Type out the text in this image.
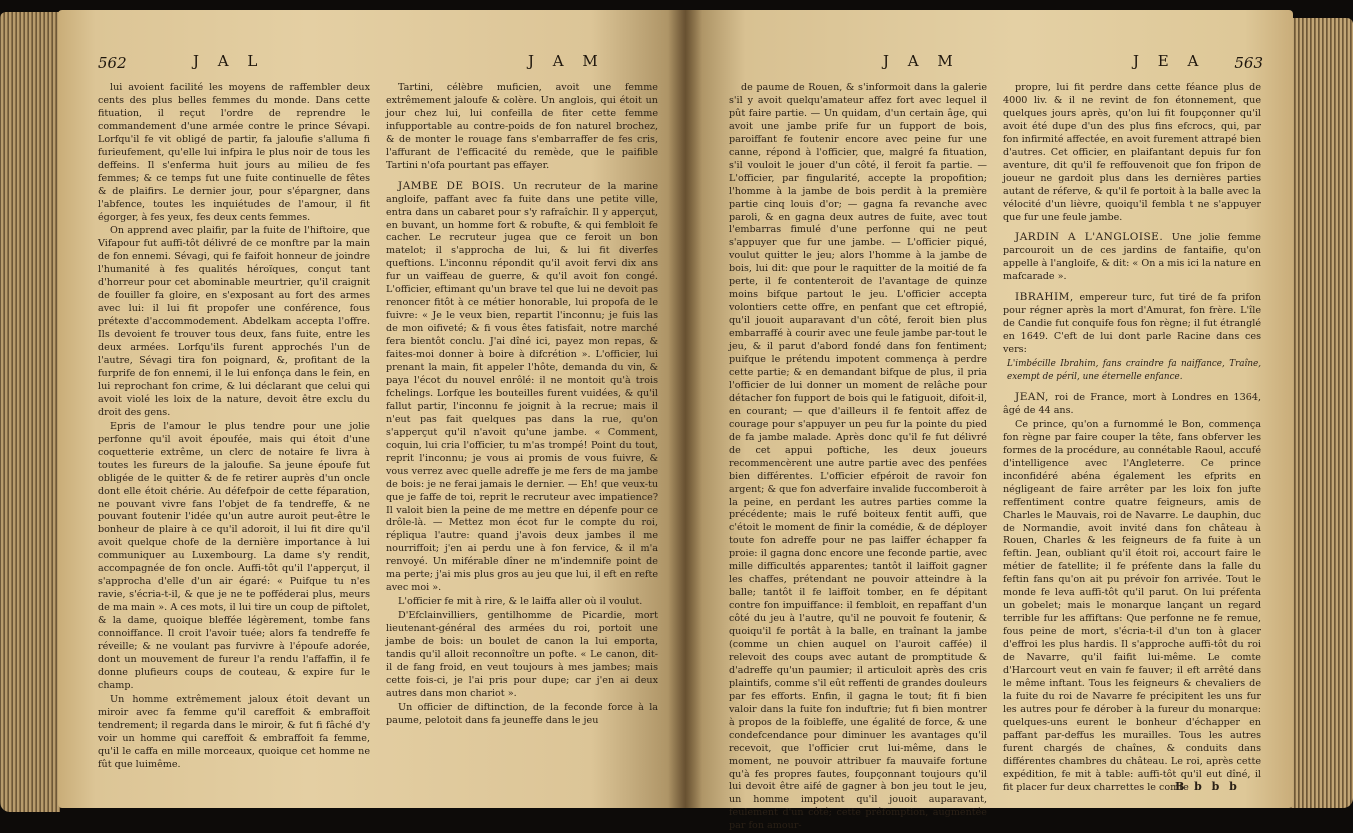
562	J A L	J A M

lui avoient facilité les moyens de raffembler deux cents des plus belles femmes du monde. Dans cette fituation, il reçut l'ordre de reprendre le commandement d'une armée contre le prince Sévapi. Lorfqu'il fe vit obligé de partir, fa jaloufie s'alluma fi furieufement, qu'elle lui infpira le plus noir de tous les deffeins. Il s'enferma huit jours au milieu de fes femmes; & ce temps fut une fuite continuelle de fêtes & de plaifirs. Le dernier jour, pour s'épargner, dans l'abfence, toutes les inquiétudes de l'amour, il fit égorger, à fes yeux, fes deux cents femmes.

On apprend avec plaifir, par la fuite de l'hiftoire, que Vifapour fut auffi-tôt délivré de ce monftre par la main de fon ennemi. Sévagi, qui fe faifoit honneur de joindre l'humanité à fes qualités héroïques, conçut tant d'horreur pour cet abominable meurtrier, qu'il craignit de fouiller fa gloire, en s'exposant au fort des armes avec lui: il lui fit propofer une conférence, fous prétexte d'accommodement. Abdelkam accepta l'offre. Ils devoient fe trouver tous deux, fans fuite, entre les deux armées. Lorfqu'ils furent approchés l'un de l'autre, Sévagi tira fon poignard, &, profitant de la furprife de fon ennemi, il le lui enfonça dans le fein, en lui reprochant fon crime, & lui déclarant que celui qui avoit violé les loix de la nature, devoit être exclu du droit des gens.

Epris de l'amour le plus tendre pour une jolie perfonne qu'il avoit époufée, mais qui étoit d'une coquetterie extrême, un clerc de notaire fe livra à toutes les fureurs de la jaloufie. Sa jeune époufe fut obligée de le quitter & de fe retirer auprès d'un oncle dont elle étoit chérie. Au défefpoir de cette féparation, ne pouvant vivre fans l'objet de fa tendreffe, & ne pouvant foutenir l'idée qu'un autre auroit peut-être le bonheur de plaire à ce qu'il adoroit, il lui fit dire qu'il avoit quelque chofe de la dernière importance à lui communiquer au Luxembourg. La dame s'y rendit, accompagnée de fon oncle. Auffi-tôt qu'il l'apperçut, il s'approcha d'elle d'un air égaré: « Puifque tu n'es ravie, s'écria-t-il, & que je ne te pofféderai plus, meurs de ma main ». A ces mots, il lui tire un coup de piftolet, & la dame, quoique bleffée légèrement, tombe fans connoiffance. Il croit l'avoir tuée; alors fa tendreffe fe réveille; & ne voulant pas furvivre à l'époufe adorée, dont un mouvement de fureur l'a rendu l'affaffin, il fe donne plufieurs coups de couteau, & expire fur le champ.

Un homme extrêmement jaloux étoit devant un miroir avec fa femme qu'il careffoit & embraffoit tendrement; il regarda dans le miroir, & fut fi fâché d'y voir un homme qui careffoit & embraffoit fa femme, qu'il le caffa en mille morceaux, quoique cet homme ne fût que luimême.

Tartini, célèbre muficien, avoit une femme extrêmement jaloufe & colère. Un anglois, qui étoit un jour chez lui, lui confeilla de fiter cette femme infupportable au contre-poids de fon naturel brochez, & de monter le rouage fans s'embarraffer de fes cris, l'affurant de l'efficacité du remède, que le paifible Tartini n'ofa pourtant pas effayer.

JAMBE DE BOIS. Un recruteur de la marine angloife, paffant avec fa fuite dans une petite ville, entra dans un cabaret pour s'y rafraîchir. Il y apperçut, en buvant, un homme fort & robufte, & qui fembloit fe cacher. Le recruteur jugea que ce feroit un bon matelot; il s'approcha de lui, & lui fit diverfes queftions. L'inconnu répondit qu'il avoit fervi dix ans fur un vaiffeau de guerre, & qu'il avoit fon congé. L'officier, eftimant qu'un brave tel que lui ne devoit pas renoncer fitôt à ce métier honorable, lui propofa de le fuivre: « Je le veux bien, repartit l'inconnu; je fuis las de mon oifiveté; & fi vous êtes fatisfait, notre marché fera bientôt conclu. J'ai dîné ici, payez mon repas, & faites-moi donner à boire à difcrétion ». L'officier, lui prenant la main, fit appeler l'hôte, demanda du vin, & paya l'écot du nouvel enrôlé: il ne montoit qu'à trois fchelings. Lorfque les bouteilles furent vuidées, & qu'il fallut partir, l'inconnu fe joignit à la recrue; mais il n'eut pas fait quelques pas dans la rue, qu'on s'apperçut qu'il n'avoit qu'une jambe. « Comment, coquin, lui cria l'officier, tu m'as trompé! Point du tout, reprit l'inconnu; je vous ai promis de vous fuivre, & vous verrez avec quelle adreffe je me fers de ma jambe de bois: je ne ferai jamais le dernier. — Eh! que veux-tu que je faffe de toi, reprit le recruteur avec impatience? Il valoit bien la peine de me mettre en dépenfe pour ce drôle-là. — Mettez mon écot fur le compte du roi, répliqua l'autre: quand j'avois deux jambes il me nourriffoit; j'en ai perdu une à fon fervice, & il m'a renvoyé. Un miférable dîner ne m'indemnife point de ma perte; j'ai mis plus gros au jeu que lui, il eft en refte avec moi ».

L'officier fe mit à rire, & le laiffa aller où il voulut.

D'Efclainvilliers, gentilhomme de Picardie, mort lieutenant-général des armées du roi, portoit une jambe de bois: un boulet de canon la lui emporta, tandis qu'il alloit reconnoître un pofte. « Le canon, dit-il de fang froid, en veut toujours à mes jambes; mais cette fois-ci, je l'ai pris pour dupe; car j'en ai deux autres dans mon chariot ».

Un officier de diftinction, de la feconde force à la paume, pelotoit dans fa jeuneffe dans le jeu

J A M	J E A 563

de paume de Rouen, & s'informoit dans la galerie s'il y avoit quelqu'amateur affez fort avec lequel il pût faire partie. — Un quidam, d'un certain âge, qui avoit une jambe prife fur un fupport de bois, paroiffant fe foutenir encore avec peine fur une canne, répond à l'officier, que, malgré fa fituation, s'il vouloit le jouer d'un côté, il feroit fa partie. — L'officier, par fingularité, accepte la propofition; l'homme à la jambe de bois perdit à la première partie cinq louis d'or; — gagna fa revanche avec paroli, & en gagna deux autres de fuite, avec tout l'embarras fimulé d'une perfonne qui ne peut s'appuyer que fur une jambe. — L'officier piqué, voulut quitter le jeu; alors l'homme à la jambe de bois, lui dit: que pour le raquitter de la moitié de fa perte, il fe contenteroit de l'avantage de quinze moins bifque partout le jeu. L'officier accepta volontiers cette offre, en penfant que cet eftropié, qu'il jouoit auparavant d'un côté, feroit bien plus embarraffé à courir avec une feule jambe par-tout le jeu, & il parut d'abord fondé dans fon fentiment; puifque le prétendu impotent commença à perdre cette partie; & en demandant bifque de plus, il pria l'officier de lui donner un moment de relâche pour détacher fon fupport de bois qui le fatiguoit, difoit-il, en courant; — que d'ailleurs il fe fentoit affez de courage pour s'appuyer un peu fur la pointe du pied de fa jambe malade. Après donc qu'il fe fut délivré de cet appui poftiche, les deux joueurs recommencèrent une autre partie avec des penfées bien différentes. L'officier efpéroit de ravoir fon argent; & que fon adverfaire invalide fuccomberoit à la peine, en perdant les autres parties comme la précédente; mais le rufé boiteux fentit auffi, que c'étoit le moment de finir la comédie, & de déployer toute fon adreffe pour ne pas laiffer échapper fa proie: il gagna donc encore une feconde partie, avec mille difficultés apparentes; tantôt il laiffoit gagner les chaffes, prétendant ne pouvoir atteindre à la balle; tantôt il fe laiffoit tomber, en fe dépitant contre fon impuiffance: il fembloit, en repaffant d'un côté du jeu à l'autre, qu'il ne pouvoit fe foutenir, & quoiqu'il fe portât à la balle, en traînant la jambe (comme un chien auquel on l'auroit caffée) il relevoit des coups avec autant de promptitude & d'adreffe qu'un paumier; il articuloit après des cris plaintifs, comme s'il eût reffenti de grandes douleurs par fes efforts. Enfin, il gagna le tout; fit fi bien valoir dans la fuite fon induftrie; fut fi bien montrer à propos de la foibleffe, une égalité de force, & une condefcendance pour diminuer les avantages qu'il recevoit, que l'officier crut lui-même, dans le moment, ne pouvoir attribuer fa mauvaife fortune qu'à fes propres fautes, foupçonnant toujours qu'il lui devoit être aifé de gagner à bon jeu tout le jeu, un homme impotent qu'il jouoit auparavant, feulement d'un côté; cette préfomption, augmentée par fon amour-

propre, lui fit perdre dans cette féance plus de 4000 liv. & il ne revint de fon étonnement, que quelques jours après, qu'on lui fit foupçonner qu'il avoit été dupe d'un des plus fins efcrocs, qui, par fon infirmité affectée, en avoit furement attrapé bien d'autres. Cet officier, en plaifantant depuis fur fon aventure, dit qu'il fe reffouvenoit que fon fripon de joueur ne gardoit plus dans les dernières parties autant de réferve, & qu'il fe portoit à la balle avec la vélocité d'un lièvre, quoiqu'il fembla t ne s'appuyer que fur une feule jambe.

JARDIN A L'ANGLOISE. Une jolie femme parcouroit un de ces jardins de fantaifie, qu'on appelle à l'angloife, & dit: « On a mis ici la nature en mafcarade ».

IBRAHIM, empereur turc, fut tiré de fa prifon pour régner après la mort d'Amurat, fon frère. L'île de Candie fut conquife fous fon règne; il fut étranglé en 1649. C'eft de lui dont parle Racine dans ces vers:

L'imbécille Ibrahim, fans craindre fa naiffance, Traîne, exempt de péril, une éternelle enfance.

JEAN, roi de France, mort à Londres en 1364, âgé de 44 ans.

Ce prince, qu'on a furnommé le Bon, commença fon règne par faire couper la tête, fans obferver les formes de la procédure, au connétable Raoul, accufé d'intelligence avec l'Angleterre. Ce prince inconfidéré abéna également les efprits en négligeant de faire arrêter par les loix fon jufte reffentiment contre quatre feigneurs, amis de Charles le Mauvais, roi de Navarre. Le dauphin, duc de Normandie, avoit invité dans fon château à Rouen, Charles & les feigneurs de fa fuite à un feftin. Jean, oubliant qu'il étoit roi, accourt faire le métier de fatellite; il fe préfente dans la falle du feftin fans qu'on ait pu prévoir fon arrivée. Tout le monde fe leva auffi-tôt qu'il parut. On lui préfenta un gobelet; mais le monarque lançant un regard terrible fur les affiftans: Que perfonne ne fe remue, fous peine de mort, s'écria-t-il d'un ton à glacer d'effroi les plus hardis. Il s'approche auffi-tôt du roi de Navarre, qu'il faifit lui-même. Le comte d'Harcourt veut en vain fe fauver; il eft arrêté dans le même inftant. Tous les feigneurs & chevaliers de la fuite du roi de Navarre fe précipitent les uns fur les autres pour fe dérober à la fureur du monarque: quelques-uns eurent le bonheur d'échapper en paffant par-deffus les murailles. Tous les autres furent chargés de chaînes, & conduits dans différentes chambres du château. Le roi, après cette expédition, fe mit à table: auffi-tôt qu'il eut dîné, il fit placer fur deux charrettes le comte

B b b b
